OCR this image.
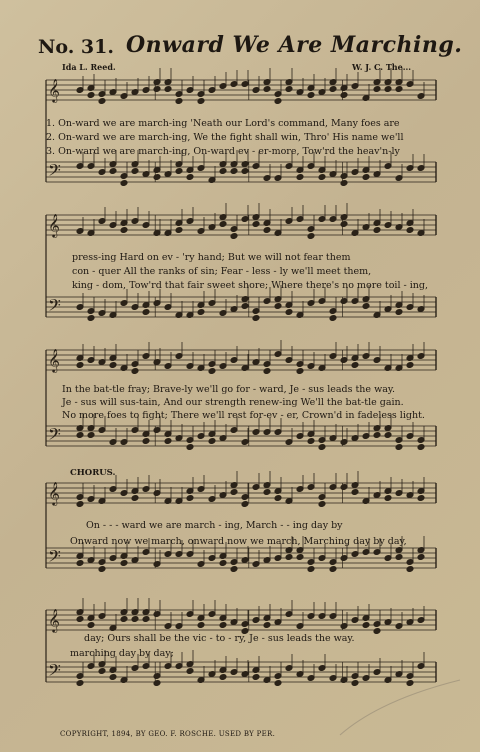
𝄞
𝄢
𝄞
𝄢
𝄞
𝄢
𝄞
𝄢
𝄞
𝄢
No. 31. Onward We Are Marching.
Ida L. Reed.	W. J. C. The...
1. On-ward we are march-ing 'Neath our Lord's command, Many foes are
2. On-ward we are march-ing, We the fight shall win, Thro' His name we'll
3. On-ward we are march-ing, On-ward ev - er-more, Tow'rd the heav'n-ly
press-ing Hard on ev - 'ry hand; But we will not fear them
con - quer All the ranks of sin; Fear - less - ly we'll meet them,
king - dom, Tow'rd that fair sweet shore; Where there's no more toil - ing,
In the bat-tle fray; Brave-ly we'll go for - ward, Je - sus leads the way.
Je - sus will sus-tain, And our strength renew-ing We'll the bat-tle gain.
No more foes to fight; There we'll rest for-ev - er, Crown'd in fadeless light.
CHORUS.
On - - - ward we are march - ing, March - - ing day by
Onward now we march, onward now we march, Marching day by day,
day; Ours shall be the vic - to - ry, Je - sus leads the way.
marching day by day;
COPYRIGHT, 1894, BY GEO. F. ROSCHE. USED BY PER.
